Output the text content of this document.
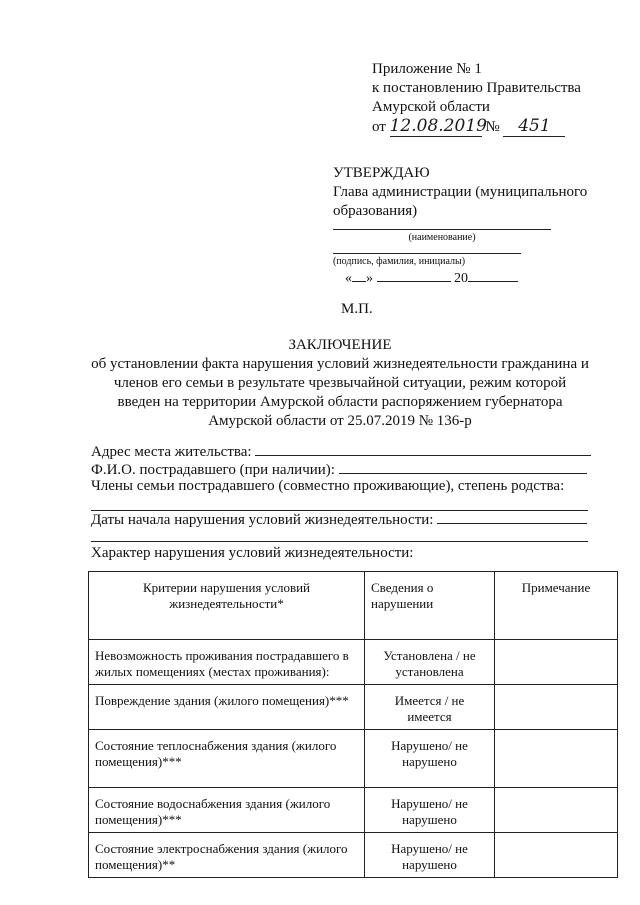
Приложение № 1
к постановлению Правительства
Амурской области
от 12.08.2019 № 451
УТВЕРЖДАЮ
Глава администрации (муниципального
образования)
(наименование)
(подпись, фамилия, инициалы)
« »	20
М.П.
ЗАКЛЮЧЕНИЕ
об установлении факта нарушения условий жизнедеятельности гражданина и
членов его семьи в результате чрезвычайной ситуации, режим которой
введен на территории Амурской области распоряжением губернатора
Амурской области от 25.07.2019 № 136-р
Адрес места жительства:
Ф.И.О. пострадавшего (при наличии):
Члены семьи пострадавшего (совместно проживающие), степень родства:
Даты начала нарушения условий жизнедеятельности:
Характер нарушения условий жизнедеятельности:
Критерии нарушения условий жизнедеятельности*	Сведения о нарушении	Примечание
Невозможность проживания пострадавшего в жилых помещениях (местах проживания):	Установлена / не установлена	
Повреждение здания (жилого помещения)***	Имеется / не имеется	
Состояние теплоснабжения здания (жилого помещения)***	Нарушено/ не нарушено	
Состояние водоснабжения здания (жилого помещения)***	Нарушено/ не нарушено	
Состояние электроснабжения здания (жилого помещения)**	Нарушено/ не нарушено	
